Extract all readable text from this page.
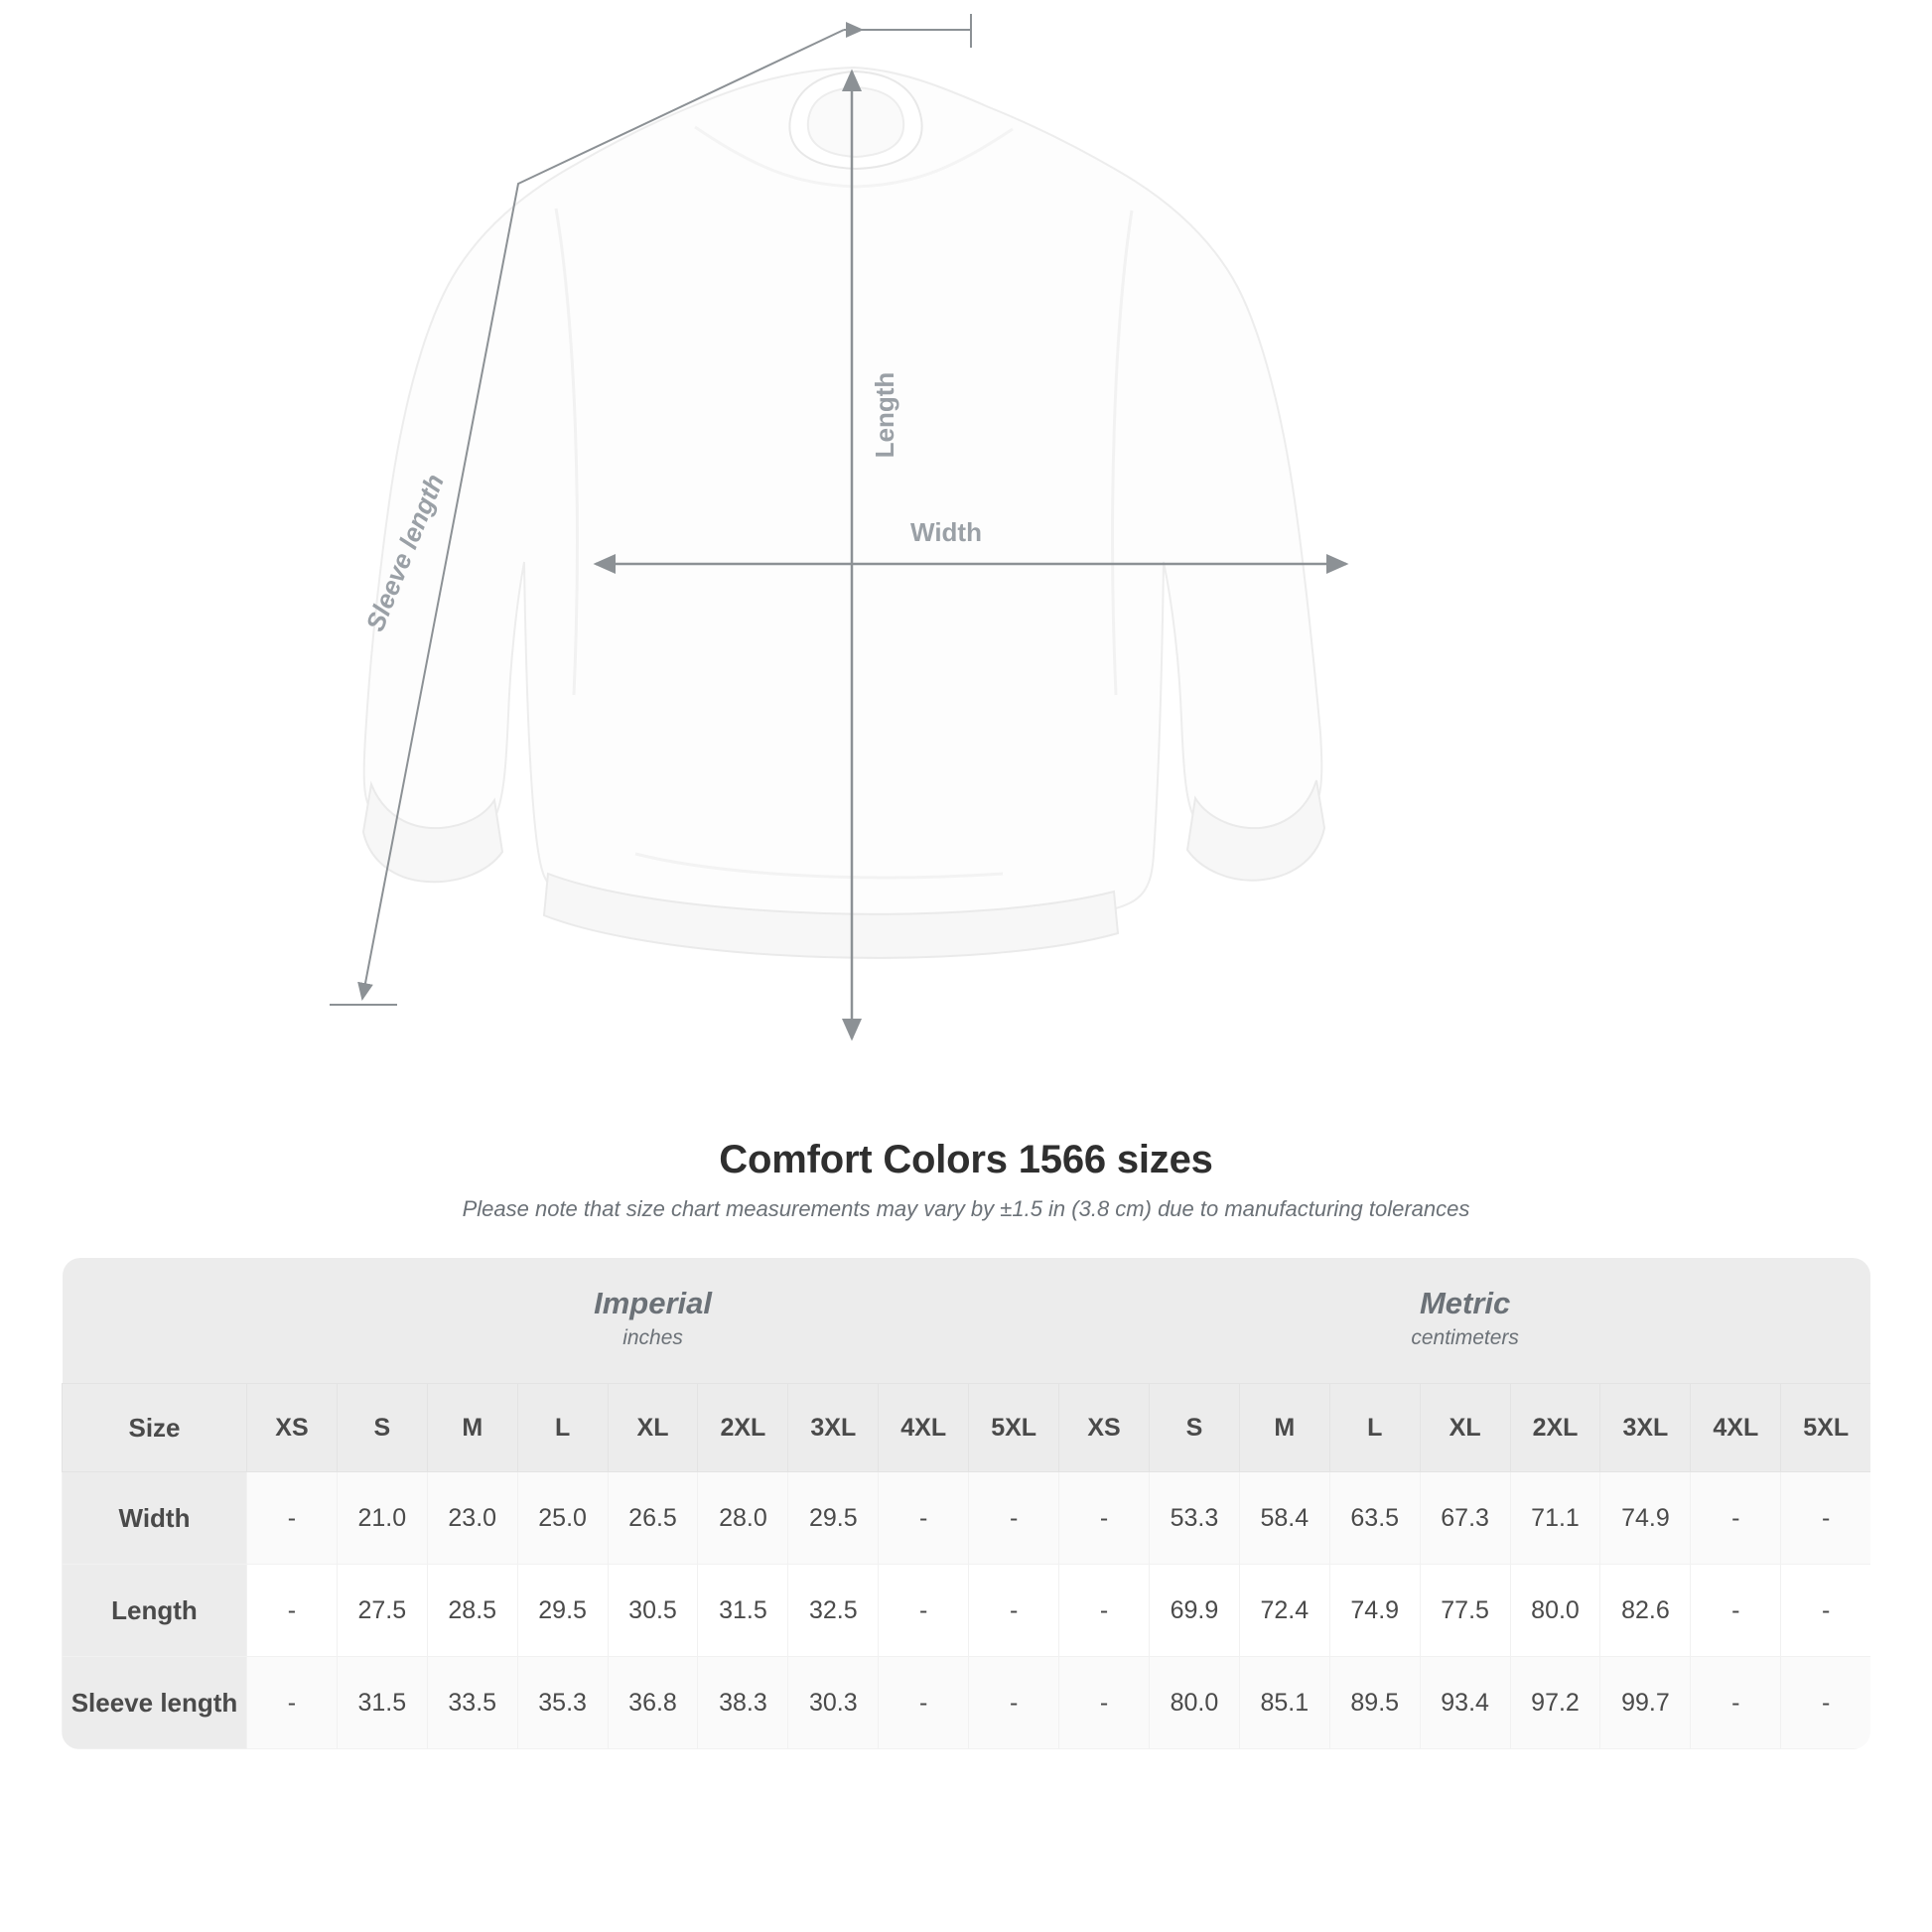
Length
Width
Sleeve length
Comfort Colors 1566 sizes

Please note that size chart measurements may vary by ±1.5 in (3.8 cm) due to manufacturing tolerances

Imperial
inches

Metric
centimeters

Size	XS	S	M	L	XL	2XL	3XL	4XL	5XL	XS	S	M	L	XL	2XL	3XL	4XL	5XL
Width	-	21.0	23.0	25.0	26.5	28.0	29.5	-	-	-	53.3	58.4	63.5	67.3	71.1	74.9	-	-
Length	-	27.5	28.5	29.5	30.5	31.5	32.5	-	-	-	69.9	72.4	74.9	77.5	80.0	82.6	-	-
Sleeve length	-	31.5	33.5	35.3	36.8	38.3	30.3	-	-	-	80.0	85.1	89.5	93.4	97.2	99.7	-	-
